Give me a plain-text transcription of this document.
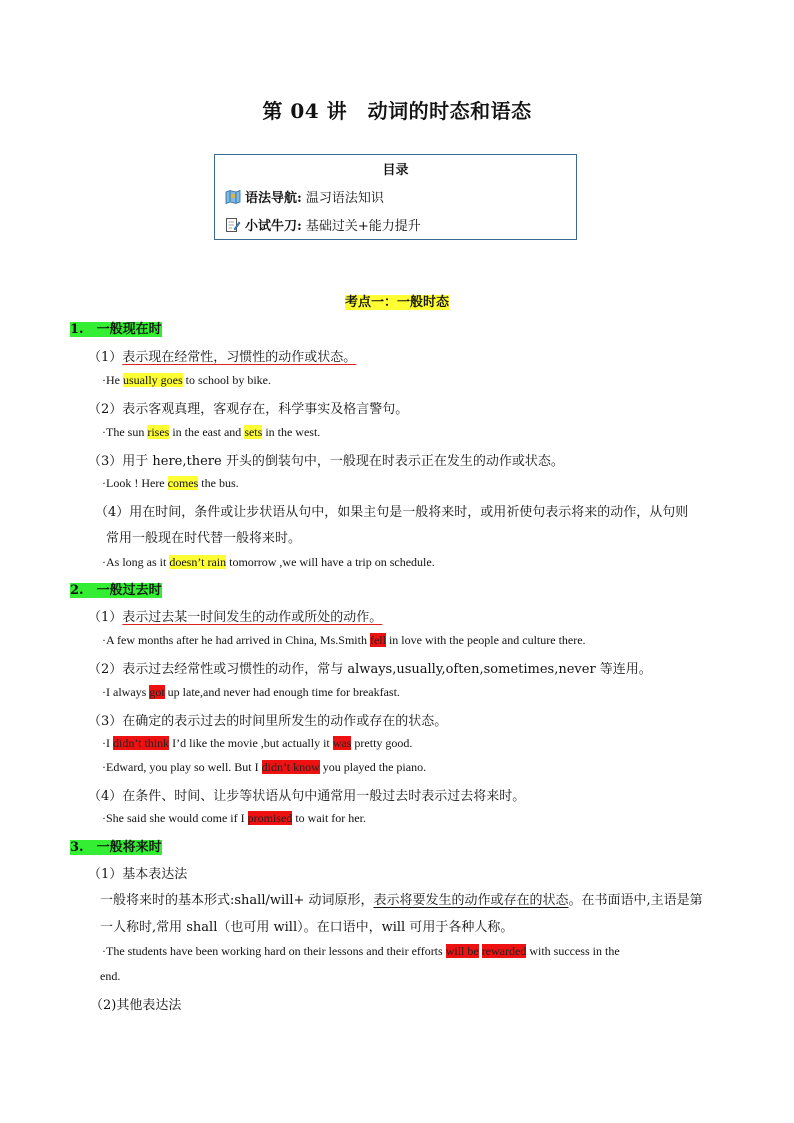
第 04 讲　动词的时态和语态
目录
语法导航: 温习语法知识
小试牛刀: 基础过关+能力提升
考点一：一般时态
1.　一般现在时
（1）表示现在经常性，习惯性的动作或状态。
·He usually goes to school by bike.
（2）表示客观真理，客观存在，科学事实及格言警句。
·The sun rises in the east and sets in the west.
（3）用于 here,there 开头的倒装句中，一般现在时表示正在发生的动作或状态。
·Look ! Here comes the bus.
（4）用在时间，条件或让步状语从句中，如果主句是一般将来时，或用祈使句表示将来的动作，从句则
常用一般现在时代替一般将来时。
·As long as it doesn’t rain tomorrow ,we will have a trip on schedule.
2.　一般过去时
（1）表示过去某一时间发生的动作或所处的动作。
·A few months after he had arrived in China, Ms.Smith fell in love with the people and culture there.
（2）表示过去经常性或习惯性的动作，常与 always,usually,often,sometimes,never 等连用。
·I always got up late,and never had enough time for breakfast.
（3）在确定的表示过去的时间里所发生的动作或存在的状态。
·I didn’t think I’d like the movie ,but actually it was pretty good.
·Edward, you play so well. But I didn’t know you played the piano.
（4）在条件、时间、让步等状语从句中通常用一般过去时表示过去将来时。
·She said she would come if I promised to wait for her.
3.　一般将来时
（1）基本表达法
一般将来时的基本形式:shall/will+ 动词原形，表示将要发生的动作或存在的状态。在书面语中,主语是第
一人称时,常用 shall（也可用 will）。在口语中，will 可用于各种人称。
·The students have been working hard on their lessons and their efforts will be rewarded with success in the
end.
（2)其他表达法
